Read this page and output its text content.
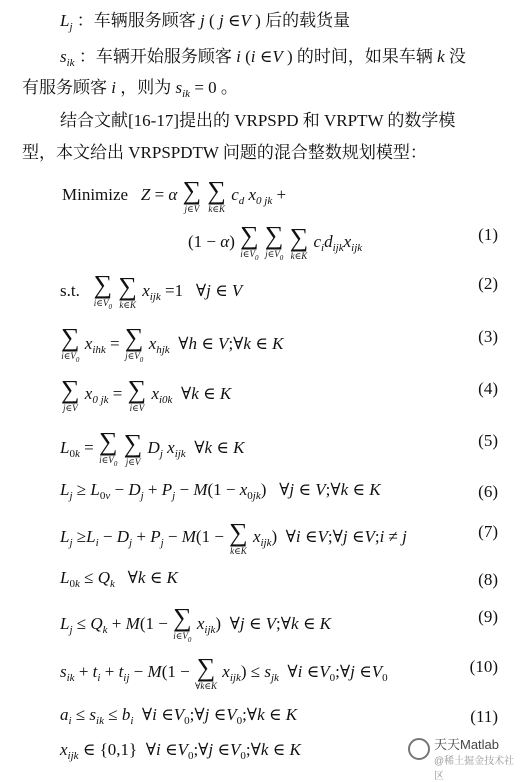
$L_j$ ：车辆服务顾客 j ( j ∈V ) 后的载货量
$s_{ik}$ ：车辆开始服务顾客 i (i ∈V ) 的时间，如果车辆 k 没
有服务顾客 i ，则为 $s_{ik} = 0$ 。
结合文献[16-17]提出的 VRPSPD 和 VRPTW 的数学模
型，本文给出 VRPSPDTW 问题的混合整数规划模型：
Minimize   Z = α ∑
j∈V

∑
k∈K
$c_d$ $x_{0 jk}$ +
(1 − α) ∑
$i\in V_0$

∑
$j\in V_0$

∑
k∈K
$c_id_{ijk}x_{ijk}$
(1)
s.t. ∑
$i\in V_0$

∑
k∈K
$x_{ijk} =1$   ∀j ∈ V	(2)
∑
$i\in V_0$
$x_{ihk}$ = ∑
$j\in V_0$
$x_{hjk}$  ∀h ∈ V;∀k ∈ K	(3)
∑
j∈V
$x_{0 jk}$ = ∑
i∈V
$x_{i0k}$  ∀k ∈ K	(4)
$L_{0k}$ = ∑
$i\in V_0$

∑
j∈V
$D_j$ $x_{ijk}$  ∀k ∈ K	(5)
$L_j \ge L_{0v} - D_j + P_j - M(1 - x_{0jk})$   ∀j ∈ V;∀k ∈ K	(6)
$L_j \ge L_i - D_j + P_j - M(1$ − ∑
k∈K
$x_{ijk}$)  ∀i ∈V;∀j ∈V;i ≠ j	(7)
$L_{0k} \le Q_k$   ∀k ∈ K	(8)
$L_j \le Q_k + M(1$ − ∑
$i\in V_0$
$x_{ijk}$)  ∀j ∈ V;∀k ∈ K	(9)
$s_{ik} + t_i + t_{ij} - M(1$ − ∑
∀k∈K
$x_{ijk}) \le s_{jk}$  ∀i $\in V_0;\forall j$ $\in V_0$
(10)
$a_i \le s_{ik} \le b_i$  ∀i $\in V_0;\forall j$ $\in V_0;\forall k$ ∈ K	(11)
$x_{ijk}$ ∈ {0,1}  ∀i $\in V_0;\forall j$ $\in V_0;\forall k$ ∈ K	天天Matlab
@稀土掘金技术社区
